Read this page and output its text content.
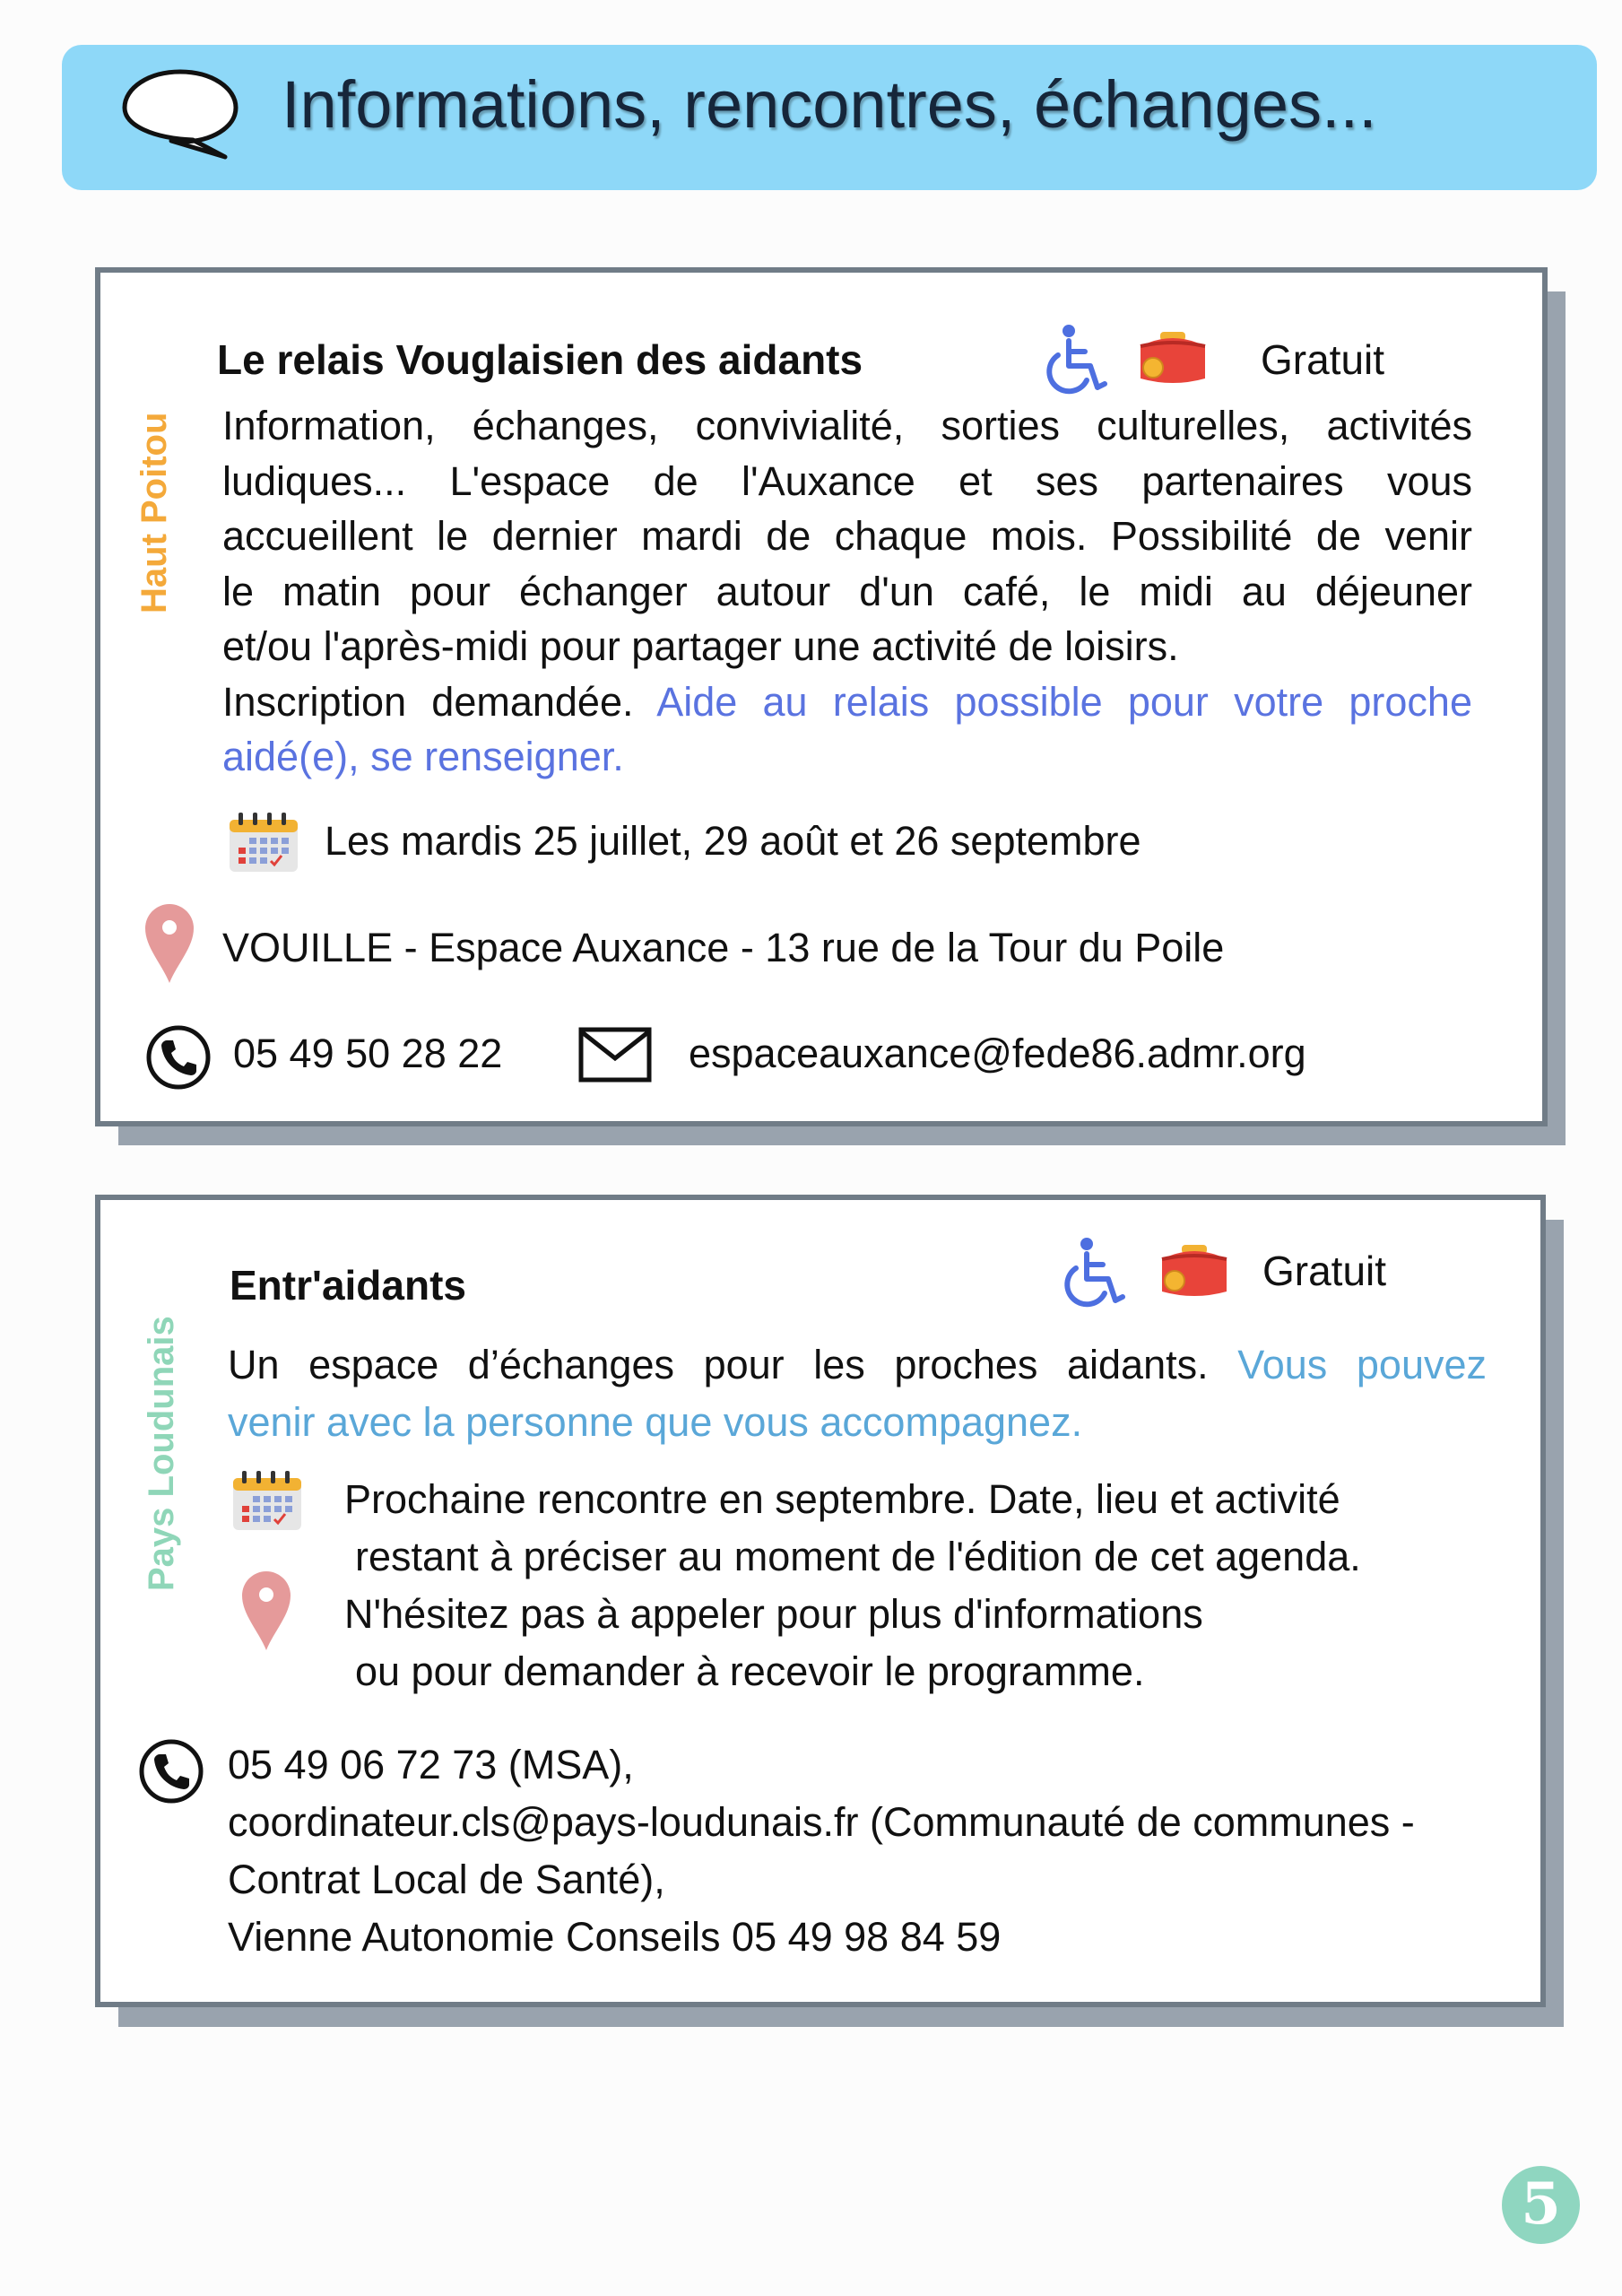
Informations, rencontres, échanges...
Haut Poitou
Le relais Vouglaisien des aidants	Gratuit
Information, échanges, convivialité, sorties culturelles, activités
ludiques... L'espace de l'Auxance et ses partenaires vous
accueillent le dernier mardi de chaque mois. Possibilité de venir
le matin pour échanger autour d'un café, le midi au déjeuner
et/ou l'après-midi pour partager une activité de loisirs.
Inscription demandée. Aide au relais possible pour votre proche
aidé(e), se renseigner.
Les mardis 25 juillet, 29 août et 26 septembre
VOUILLE - Espace Auxance - 13 rue de la Tour du Poile
05 49 50 28 22	espaceauxance@fede86.admr.org
Pays Loudunais
Entr'aidants	Gratuit
Un espace d’échanges pour les proches aidants. Vous pouvez
venir avec la personne que vous accompagnez.
Prochaine rencontre en septembre. Date, lieu et activité
restant à préciser au moment de l'édition de cet agenda.
N'hésitez pas à appeler pour plus d'informations
ou pour demander à recevoir le programme.
05 49 06 72 73 (MSA),
coordinateur.cls@pays-loudunais.fr (Communauté de communes -
Contrat Local de Santé),
Vienne Autonomie Conseils 05 49 98 84 59
5
